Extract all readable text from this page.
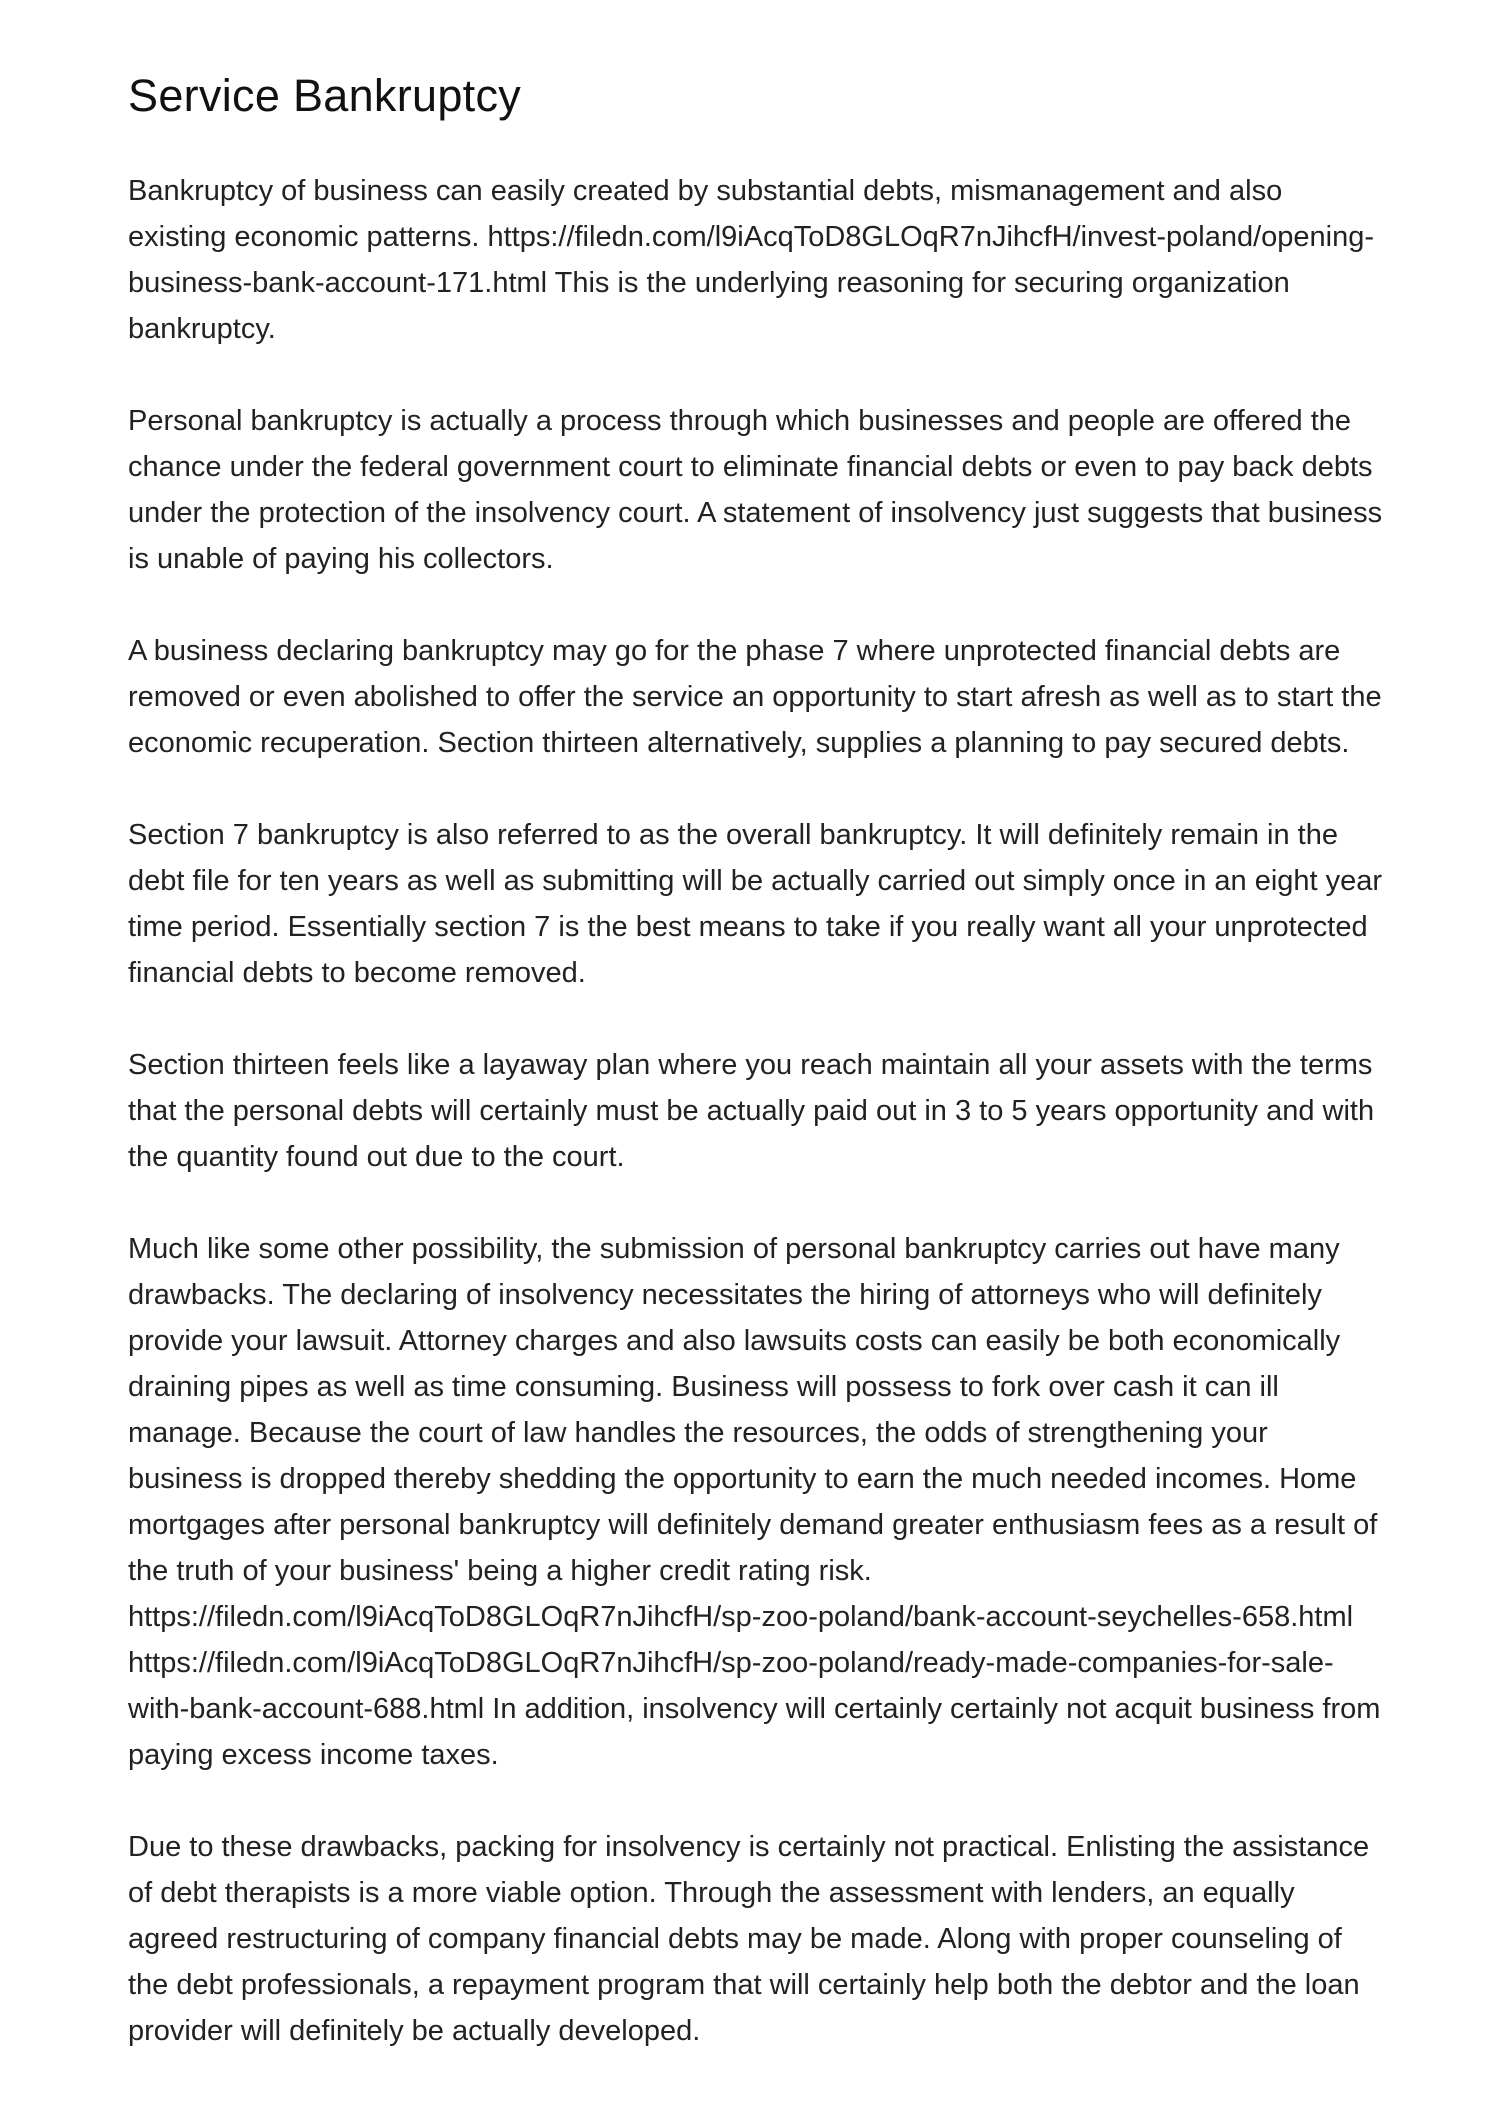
Service Bankruptcy

Bankruptcy of business can easily created by substantial debts, mismanagement and also existing economic patterns. https://filedn.com/l9iAcqToD8GLOqR7nJihcfH/invest-poland/opening-business-bank-account-171.html This is the underlying reasoning for securing organization bankruptcy.

Personal bankruptcy is actually a process through which businesses and people are offered the chance under the federal government court to eliminate financial debts or even to pay back debts under the protection of the insolvency court. A statement of insolvency just suggests that business is unable of paying his collectors.

A business declaring bankruptcy may go for the phase 7 where unprotected financial debts are removed or even abolished to offer the service an opportunity to start afresh as well as to start the economic recuperation. Section thirteen alternatively, supplies a planning to pay secured debts.

Section 7 bankruptcy is also referred to as the overall bankruptcy. It will definitely remain in the debt file for ten years as well as submitting will be actually carried out simply once in an eight year time period. Essentially section 7 is the best means to take if you really want all your unprotected financial debts to become removed.

Section thirteen feels like a layaway plan where you reach maintain all your assets with the terms that the personal debts will certainly must be actually paid out in 3 to 5 years opportunity and with the quantity found out due to the court.

Much like some other possibility, the submission of personal bankruptcy carries out have many drawbacks. The declaring of insolvency necessitates the hiring of attorneys who will definitely provide your lawsuit. Attorney charges and also lawsuits costs can easily be both economically draining pipes as well as time consuming. Business will possess to fork over cash it can ill manage. Because the court of law handles the resources, the odds of strengthening your business is dropped thereby shedding the opportunity to earn the much needed incomes. Home mortgages after personal bankruptcy will definitely demand greater enthusiasm fees as a result of the truth of your business' being a higher credit rating risk. https://filedn.com/l9iAcqToD8GLOqR7nJihcfH/sp-zoo-poland/bank-account-seychelles-658.html https://filedn.com/l9iAcqToD8GLOqR7nJihcfH/sp-zoo-poland/ready-made-companies-for-sale-with-bank-account-688.html In addition, insolvency will certainly certainly not acquit business from paying excess income taxes.

Due to these drawbacks, packing for insolvency is certainly not practical. Enlisting the assistance of debt therapists is a more viable option. Through the assessment with lenders, an equally agreed restructuring of company financial debts may be made. Along with proper counseling of the debt professionals, a repayment program that will certainly help both the debtor and the loan provider will definitely be actually developed.
